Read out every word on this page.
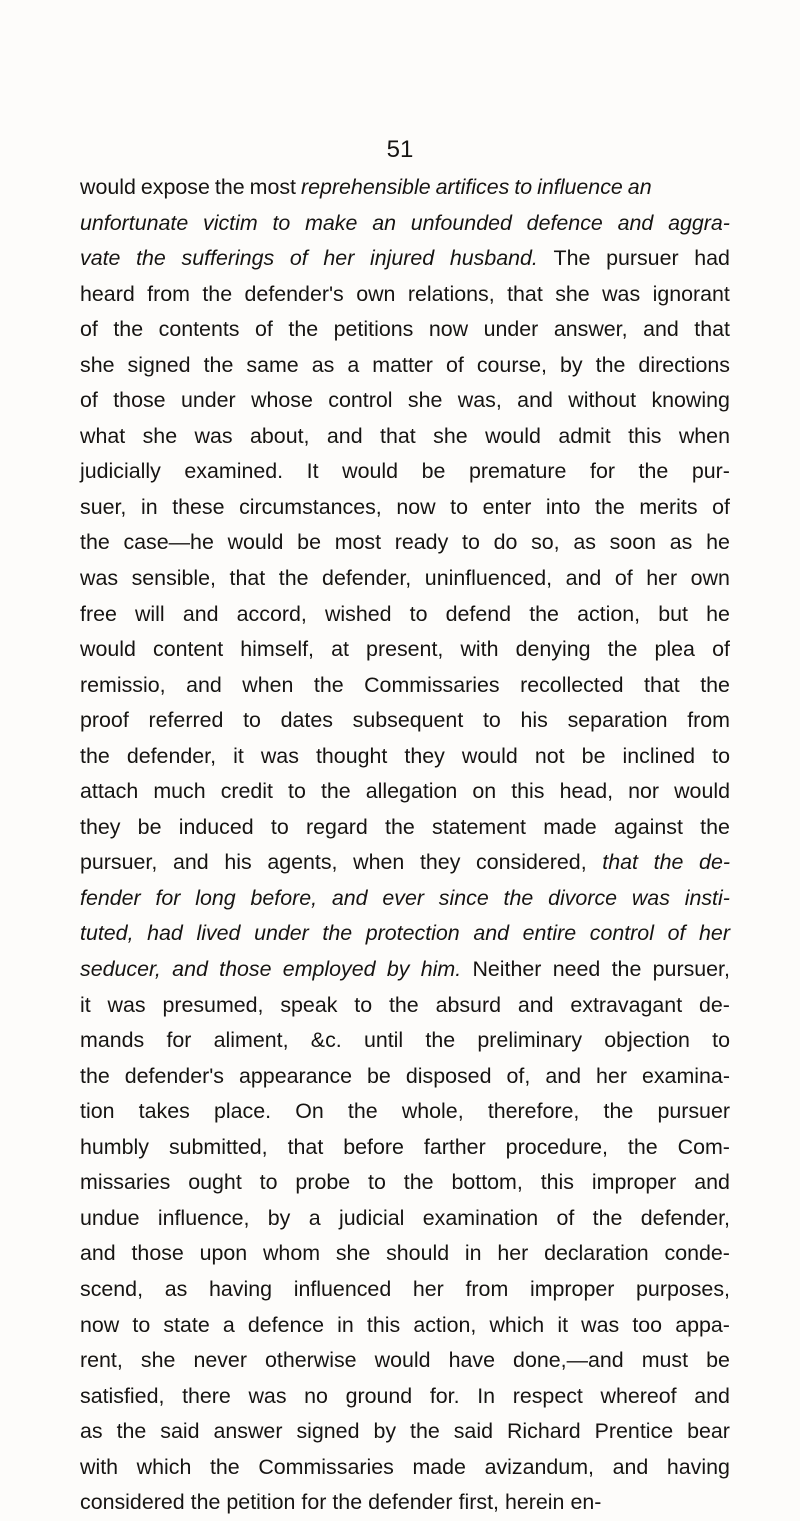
51
would expose the most reprehensible artifices to influence an
unfortunate victim to make an unfounded defence and aggra-
vate the sufferings of her injured husband. The pursuer had
heard from the defender's own relations, that she was ignorant
of the contents of the petitions now under answer, and that
she signed the same as a matter of course, by the directions
of those under whose control she was, and without knowing
what she was about, and that she would admit this when
judicially examined. It would be premature for the pur-
suer, in these circumstances, now to enter into the merits of
the case—he would be most ready to do so, as soon as he
was sensible, that the defender, uninfluenced, and of her own
free will and accord, wished to defend the action, but he
would content himself, at present, with denying the plea of
remissio, and when the Commissaries recollected that the
proof referred to dates subsequent to his separation from
the defender, it was thought they would not be inclined to
attach much credit to the allegation on this head, nor would
they be induced to regard the statement made against the
pursuer, and his agents, when they considered, that the de-
fender for long before, and ever since the divorce was insti-
tuted, had lived under the protection and entire control of her
seducer, and those employed by him. Neither need the pursuer,
it was presumed, speak to the absurd and extravagant de-
mands for aliment, &c. until the preliminary objection to
the defender's appearance be disposed of, and her examina-
tion takes place. On the whole, therefore, the pursuer
humbly submitted, that before farther procedure, the Com-
missaries ought to probe to the bottom, this improper and
undue influence, by a judicial examination of the defender,
and those upon whom she should in her declaration conde-
scend, as having influenced her from improper purposes,
now to state a defence in this action, which it was too appa-
rent, she never otherwise would have done,—and must be
satisfied, there was no ground for. In respect whereof and
as the said answer signed by the said Richard Prentice bear
with which the Commissaries made avizandum, and having
considered the petition for the defender first, herein en-
